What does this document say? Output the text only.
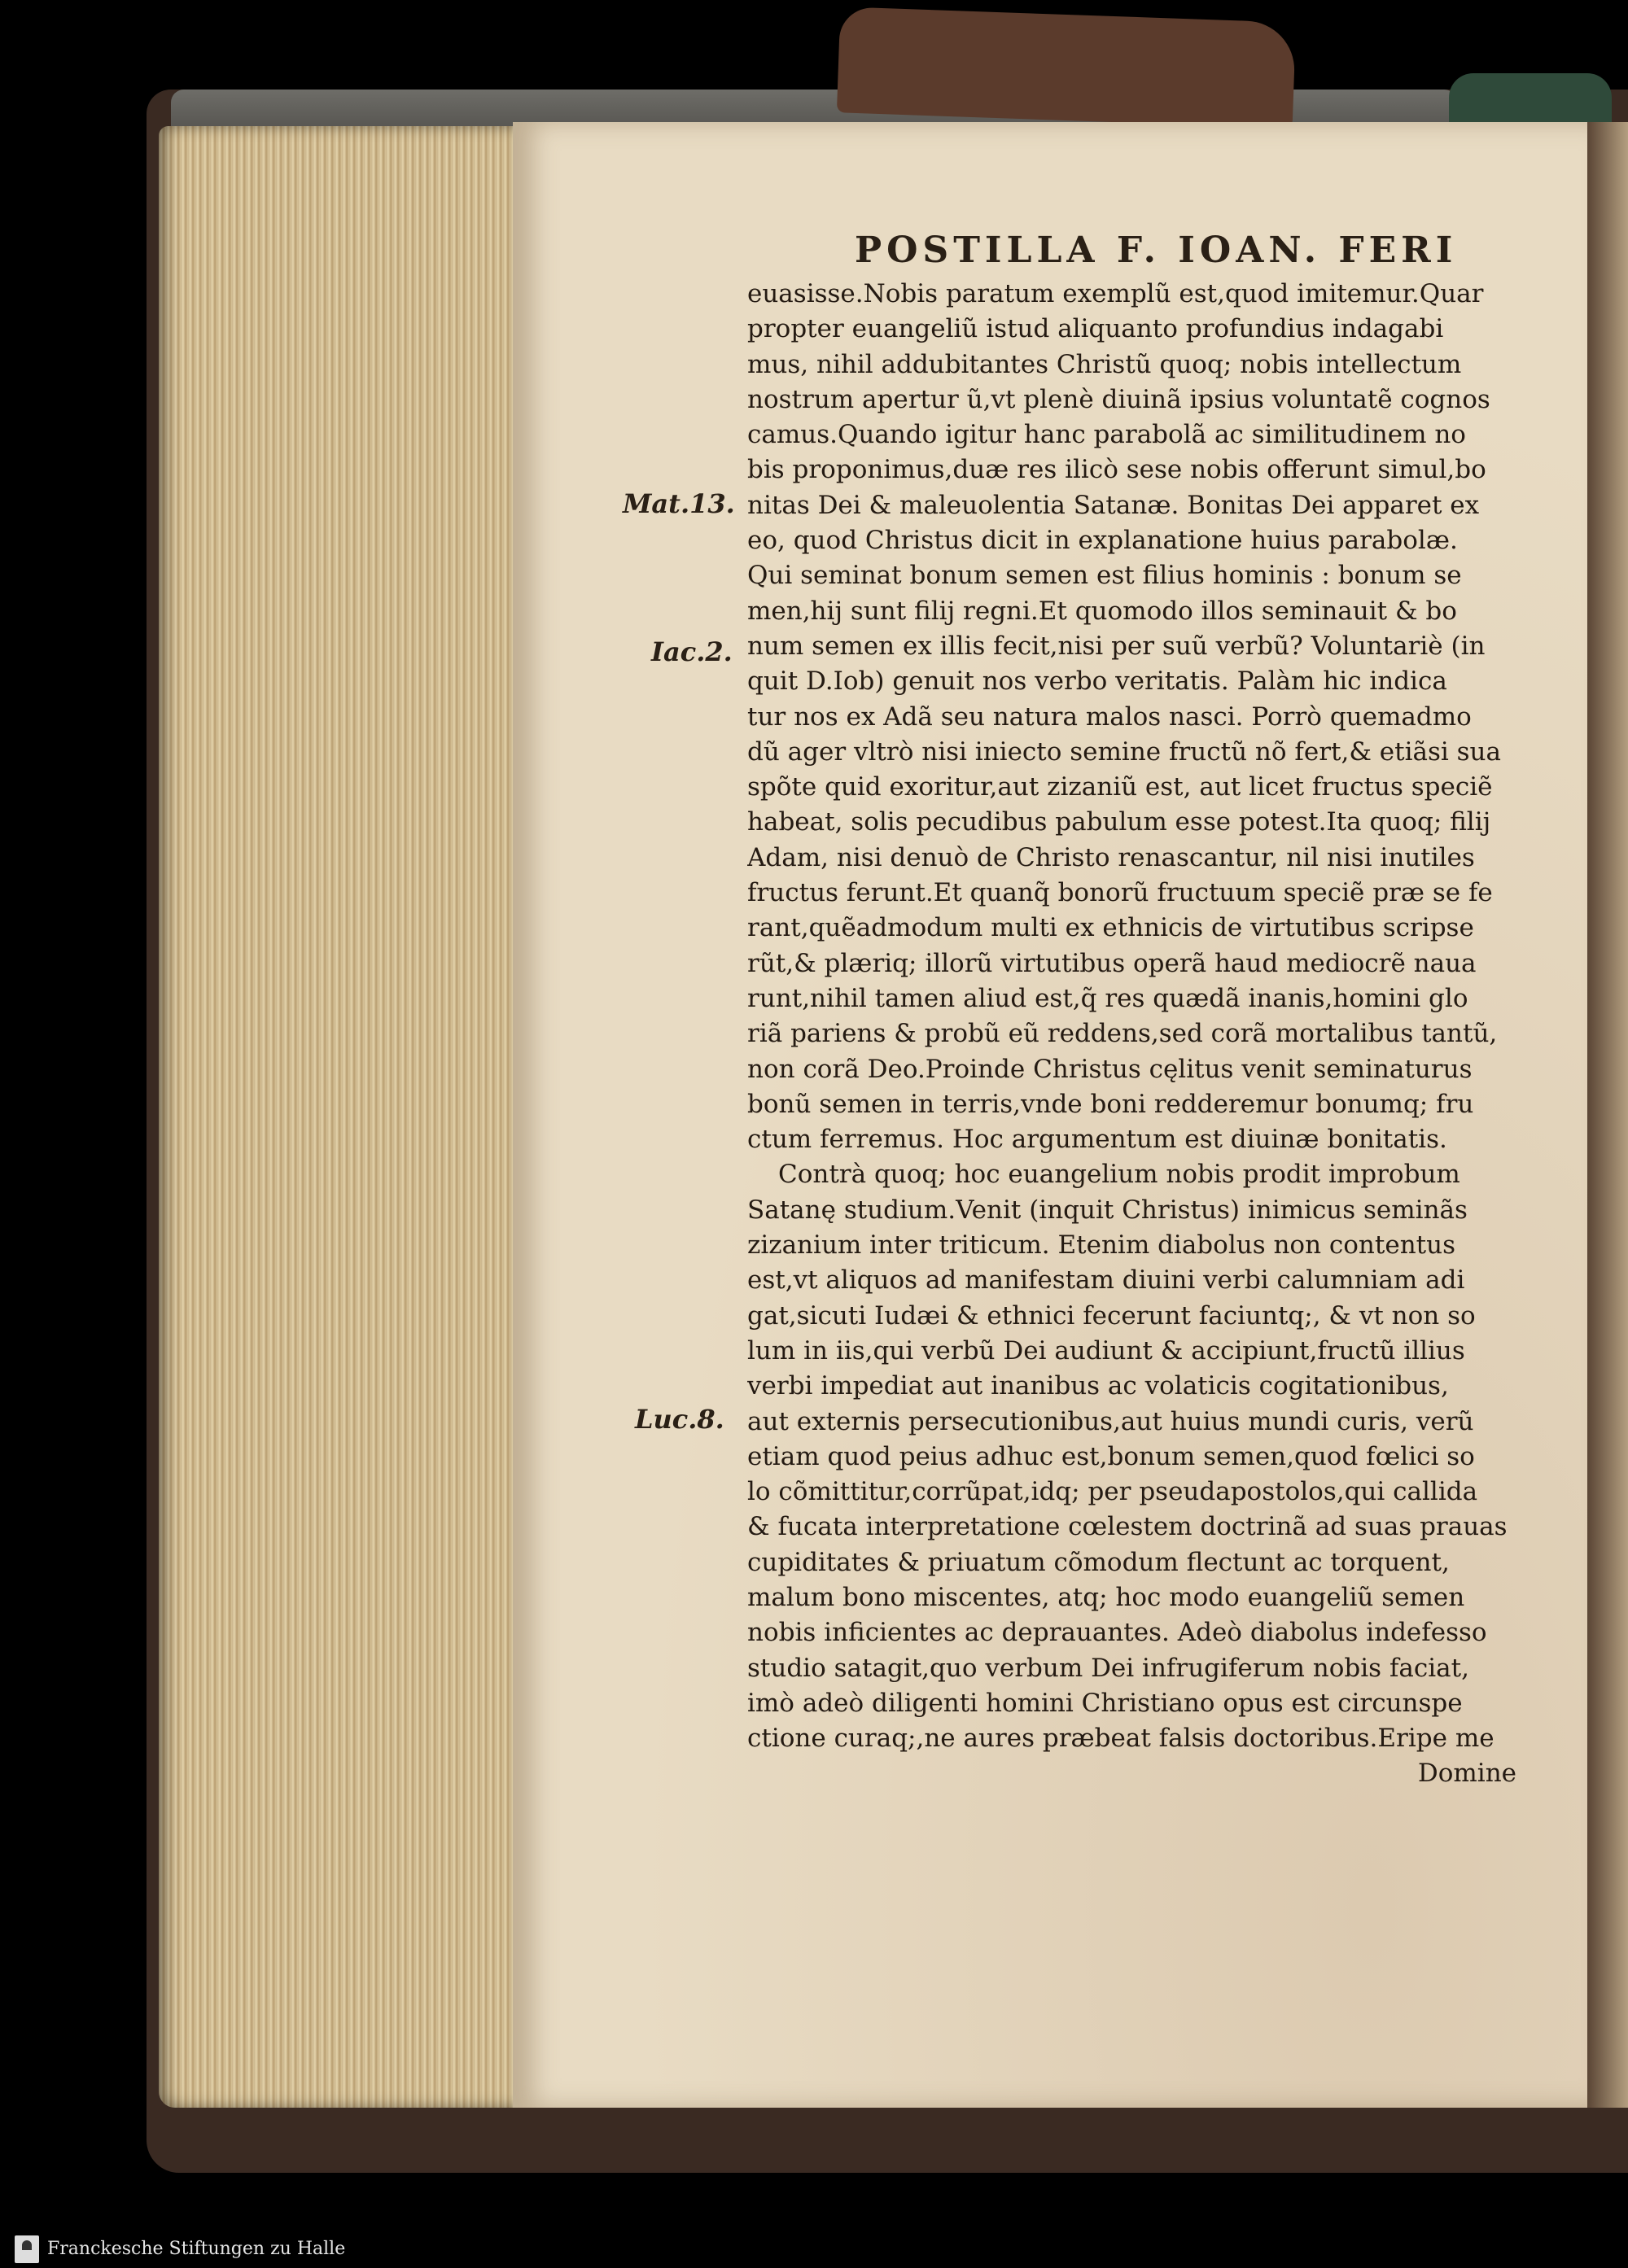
POSTILLA F. IOAN. FERI
Mat.13.
Iac.2.
Luc.8.
euasisse.Nobis paratum exemplũ est,quod imitemur.Quar
propter euangeliũ istud aliquanto profundius indagabi
mus, nihil addubitantes Christũ quoq; nobis intellectum
nostrum apertur ũ,vt plenè diuinã ipsius voluntatẽ cognos
camus.Quando igitur hanc parabolã ac similitudinem no
bis proponimus,duæ res ilicò sese nobis offerunt simul,bo
nitas Dei & maleuolentia Satanæ. Bonitas Dei apparet ex
eo, quod Christus dicit in explanatione huius parabolæ.
Qui seminat bonum semen est filius hominis : bonum se
men,hij sunt filij regni.Et quomodo illos seminauit & bo
num semen ex illis fecit,nisi per suũ verbũ? Voluntariè (in
quit D.Iob) genuit nos verbo veritatis. Palàm hic indica
tur nos ex Adã seu natura malos nasci. Porrò quemadmo
dũ ager vltrò nisi iniecto semine fructũ nõ fert,& etiãsi sua
spõte quid exoritur,aut zizaniũ est, aut licet fructus speciẽ
habeat, solis pecudibus pabulum esse potest.Ita quoq; filij
Adam, nisi denuò de Christo renascantur, nil nisi inutiles
fructus ferunt.Et quanq̃ bonorũ fructuum speciẽ præ se fe
rant,quẽadmodum multi ex ethnicis de virtutibus scripse
rũt,& plæriq; illorũ virtutibus operã haud mediocrẽ naua
runt,nihil tamen aliud est,q̃ res quædã inanis,homini glo
riã pariens & probũ eũ reddens,sed corã mortalibus tantũ,
non corã Deo.Proinde Christus cęlitus venit seminaturus
bonũ semen in terris,vnde boni redderemur bonumq; fru
ctum ferremus. Hoc argumentum est diuinæ bonitatis.
Contrà quoq; hoc euangelium nobis prodit improbum
Satanę studium.Venit (inquit Christus) inimicus seminãs
zizanium inter triticum. Etenim diabolus non contentus
est,vt aliquos ad manifestam diuini verbi calumniam adi
gat,sicuti Iudæi & ethnici fecerunt faciuntq;, & vt non so
lum in iis,qui verbũ Dei audiunt & accipiunt,fructũ illius
verbi impediat aut inanibus ac volaticis cogitationibus,
aut externis persecutionibus,aut huius mundi curis, verũ
etiam quod peius adhuc est,bonum semen,quod fœlici so
lo cõmittitur,corrũpat,idq; per pseudapostolos,qui callida
& fucata interpretatione cœlestem doctrinã ad suas prauas
cupiditates & priuatum cõmodum flectunt ac torquent,
malum bono miscentes, atq; hoc modo euangeliũ semen
nobis inficientes ac deprauantes. Adeò diabolus indefesso
studio satagit,quo verbum Dei infrugiferum nobis faciat,
imò adeò diligenti homini Christiano opus est circunspe
ctione curaq;,ne aures præbeat falsis doctoribus.Eripe me
Domine
Franckesche Stiftungen zu Halle
